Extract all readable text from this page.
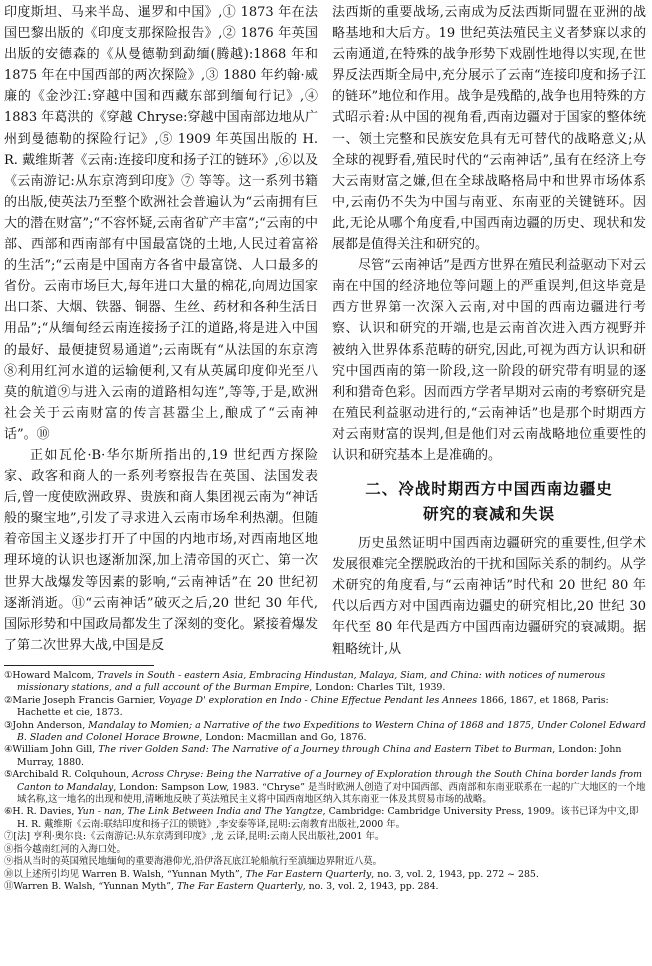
印度斯坦、马来半岛、暹罗和中国》,① 1873 年在法国巴黎出版的《印度支那探险报告》,② 1876 年英国出版的安德森的《从曼德勒到勐缅(腾越):1868 年和 1875 年在中国西部的两次探险》,③ 1880 年约翰·威廉的《金沙江:穿越中国和西藏东部到缅甸行记》,④ 1883 年葛洪的《穿越 Chryse:穿越中国南部边地从广州到曼德勒的探险行记》,⑤ 1909 年英国出版的 H. R. 戴维斯著《云南:连接印度和扬子江的链环》,⑥以及《云南游记:从东京湾到印度》⑦ 等等。这一系列书籍的出版,使英法乃至整个欧洲社会普遍认为“云南拥有巨大的潜在财富”;“不容怀疑,云南省矿产丰富”;“云南的中部、西部和西南部有中国最富饶的土地,人民过着富裕的生活”;“云南是中国南方各省中最富饶、人口最多的省份。云南市场巨大,每年进口大量的棉花,向周边国家出口茶、大烟、铁器、铜器、生丝、药材和各种生活日用品”;“从缅甸经云南连接扬子江的道路,将是进入中国的最好、最便捷贸易通道”;云南既有“从法国的东京湾⑧利用红河水道的运输便利,又有从英属印度仰光至八莫的航道⑨与进入云南的道路相勾连”,等等,于是,欧洲社会关于云南财富的传言甚嚣尘上,酿成了“云南神话”。⑩

正如瓦伦·B·华尔斯所指出的,19 世纪西方探险家、政客和商人的一系列考察报告在英国、法国发表后,曾一度使欧洲政界、贵族和商人集团视云南为“神话般的聚宝地”,引发了寻求进入云南市场牟利热潮。但随着帝国主义逐步打开了中国的内地市场,对西南地区地理环境的认识也逐渐加深,加上清帝国的灭亡、第一次世界大战爆发等因素的影响,“云南神话”在 20 世纪初逐渐消逝。⑪“云南神话”破灭之后,20 世纪 30 年代,国际形势和中国政局都发生了深刻的变化。紧接着爆发了第二次世界大战,中国是反

法西斯的重要战场,云南成为反法西斯同盟在亚洲的战略基地和大后方。19 世纪英法殖民主义者梦寐以求的云南通道,在特殊的战争形势下戏剧性地得以实现,在世界反法西斯全局中,充分展示了云南“连接印度和扬子江的链环”地位和作用。战争是残酷的,战争也用特殊的方式昭示着:从中国的视角看,西南边疆对于国家的整体统一、领土完整和民族安危具有无可替代的战略意义;从全球的视野看,殖民时代的“云南神话”,虽有在经济上夸大云南财富之嫌,但在全球战略格局中和世界市场体系中,云南仍不失为中国与南亚、东南亚的关键链环。因此,无论从哪个角度看,中国西南边疆的历史、现状和发展都是值得关注和研究的。

尽管“云南神话”是西方世界在殖民利益驱动下对云南在中国的经济地位等问题上的严重误判,但这毕竟是西方世界第一次深入云南,对中国的西南边疆进行考察、认识和研究的开端,也是云南首次进入西方视野并被纳入世界体系范畴的研究,因此,可视为西方认识和研究中国西南的第一阶段,这一阶段的研究带有明显的逐利和猎奇色彩。因而西方学者早期对云南的考察研究是在殖民利益驱动进行的,“云南神话”也是那个时期西方对云南财富的误判,但是他们对云南战略地位重要性的认识和研究基本上是准确的。

二、冷战时期西方中国西南边疆史
研究的衰减和失误

历史虽然证明中国西南边疆研究的重要性,但学术发展很难完全摆脱政治的干扰和国际关系的制约。从学术研究的角度看,与“云南神话”时代和 20 世纪 80 年代以后西方对中国西南边疆史的研究相比,20 世纪 30 年代至 80 年代是西方中国西南边疆研究的衰减期。据粗略统计,从

①Howard Malcom, Travels in South - eastern Asia, Embracing Hindustan, Malaya, Siam, and China: with notices of numerous missionary stations, and a full account of the Burman Empire, London: Charles Tilt, 1939.

②Marie Joseph Francis Garnier, Voyage D' exploration en Indo - Chine Effectue Pendant les Annees 1866, 1867, et 1868, Paris: Hachette et cie, 1873.

③John Anderson, Mandalay to Momien; a Narrative of the two Expeditions to Western China of 1868 and 1875, Under Colonel Edward B. Sladen and Colonel Horace Browne, London: Macmillan and Go, 1876.

④William John Gill, The river Golden Sand: The Narrative of a Journey through China and Eastern Tibet to Burman, London: John Murray, 1880.

⑤Archibald R. Colquhoun, Across Chryse: Being the Narrative of a Journey of Exploration through the South China border lands from Canton to Mandalay, London: Sampson Low, 1983. “Chryse” 是当时欧洲人创造了对中国西部、西南部和东南亚联系在一起的广大地区的一个地域名称,这一地名的出现和使用,清晰地反映了英法殖民主义将中国西南地区纳入其东南亚一体及其贸易市场的战略。

⑥H. R. Davies, Yun - nan, The Link Between India and The Yangtze, Cambridge: Cambridge University Press, 1909。该书已译为中文,即 H. R. 戴维斯《云南:联结印度和扬子江的锁链》,李安泰等译,昆明:云南教育出版社,2000 年。

⑦[法] 亨利·奥尔良:《云南游记:从东京湾到印度》,龙 云译,昆明:云南人民出版社,2001 年。

⑧指今越南红河的入海口处。

⑨指从当时的英国殖民地缅甸的重要海港仰光,沿伊洛瓦底江轮船航行至滇缅边界附近八莫。

⑩以上述所引均见 Warren B. Walsh, “Yunnan Myth”, The Far Eastern Quarterly, no. 3, vol. 2, 1943, pp. 272 ~ 285.

⑪Warren B. Walsh, “Yunnan Myth”, The Far Eastern Quarterly, no. 3, vol. 2, 1943, pp. 284.
